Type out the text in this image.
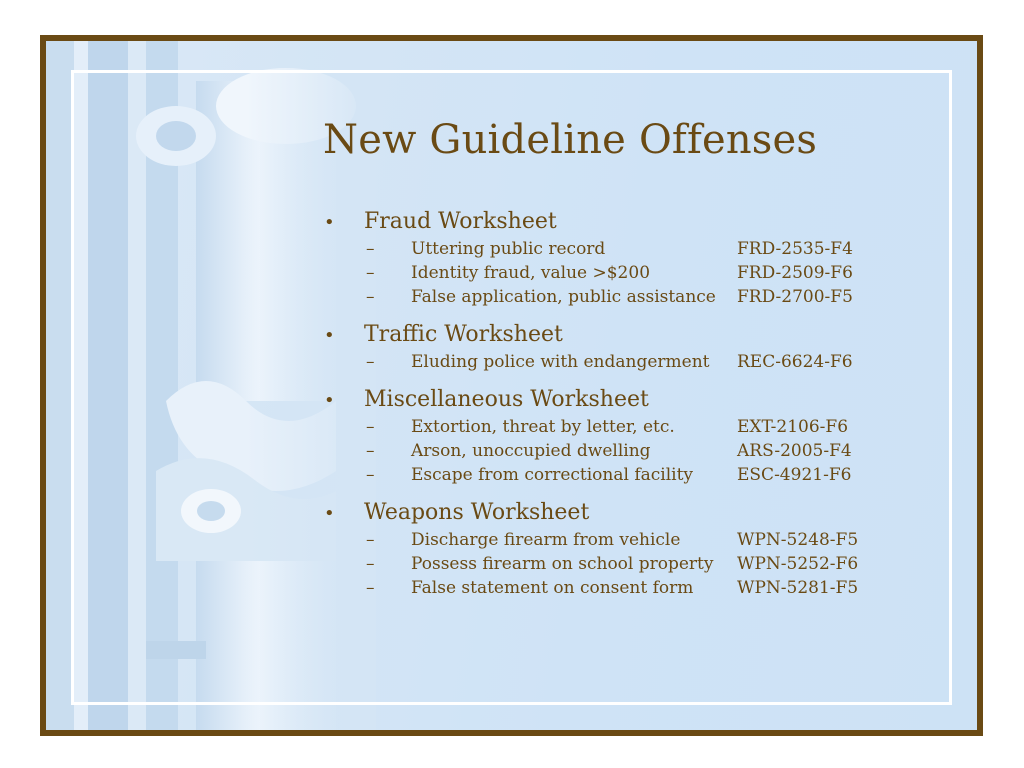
New Guideline Offenses
•	Fraud Worksheet
–	Uttering public record	FRD-2535-F4
–	Identity fraud, value >$200	FRD-2509-F6
–	False application, public assistance	FRD-2700-F5
•	Traffic Worksheet
–	Eluding police with endangerment	REC-6624-F6
•	Miscellaneous Worksheet
–	Extortion, threat by letter, etc.	EXT-2106-F6
–	Arson, unoccupied dwelling	ARS-2005-F4
–	Escape from correctional facility	ESC-4921-F6
•	Weapons Worksheet
–	Discharge firearm from vehicle	WPN-5248-F5
–	Possess firearm on school property	WPN-5252-F6
–	False statement on consent form	WPN-5281-F5
